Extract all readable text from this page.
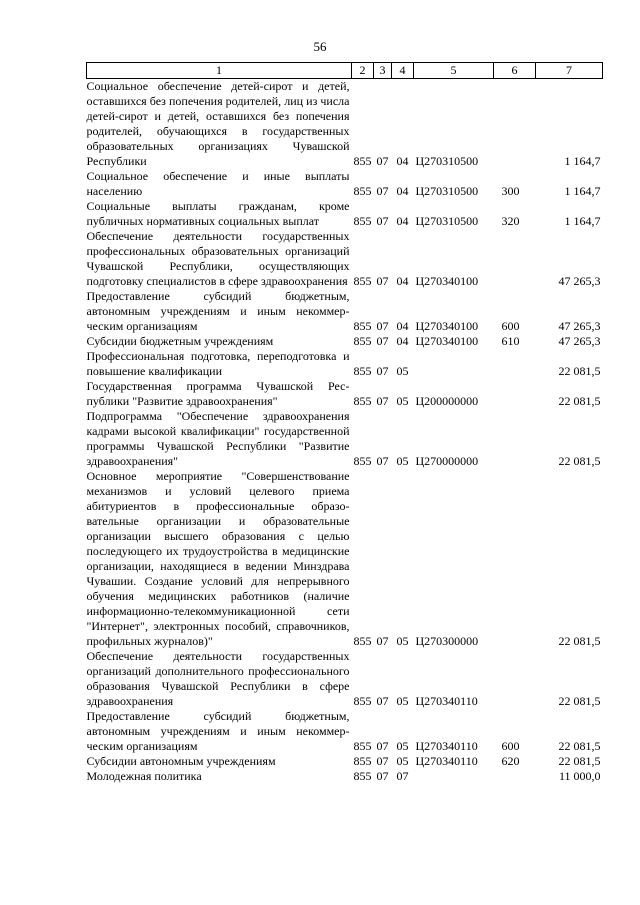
56
1	2	3	4	5	6	7
Социальное обеспечение детей-сирот и детей, оставшихся без попечения родителей, лиц из числа детей-сирот и детей, оставшихся без попечения родителей, обучающихся в государственных образовательных организациях Чувашской Республики	855	07	04	Ц270310500		1 164,7
Социальное обеспечение и иные выплаты населению	855	07	04	Ц270310500	300	1 164,7
Социальные выплаты гражданам, кроме публичных нормативных социальных выплат	855	07	04	Ц270310500	320	1 164,7
Обеспечение деятельности государственных профессиональных образовательных организаций Чувашской Республики, осуществляющих подготовку специалистов в сфере здравоохранения	855	07	04	Ц270340100		47 265,3
Предоставление субсидий бюджетным, автономным учреждениям и иным некоммерческим организациям	855	07	04	Ц270340100	600	47 265,3
Субсидии бюджетным учреждениям	855	07	04	Ц270340100	610	47 265,3
Профессиональная подготовка, переподготовка и повышение квалификации	855	07	05			22 081,5
Государственная программа Чувашской Республики "Развитие здравоохранения"	855	07	05	Ц200000000		22 081,5
Подпрограмма "Обеспечение здравоохранения кадрами высокой квалификации" государственной программы Чувашской Республики "Развитие здравоохранения"	855	07	05	Ц270000000		22 081,5
Основное мероприятие "Совершенствование механизмов и условий целевого приема абитуриентов в профессиональные образовательные организации и образовательные организации высшего образования с целью последующего их трудоустройства в медицинские организации, находящиеся в ведении Минздрава Чувашии. Создание условий для непрерывного обучения медицинских работников (наличие информационно-телекоммуникационной сети "Интернет", электронных пособий, справочников, профильных журналов)"	855	07	05	Ц270300000		22 081,5
Обеспечение деятельности государственных организаций дополнительного профессионального образования Чувашской Республики в сфере здравоохранения	855	07	05	Ц270340110		22 081,5
Предоставление субсидий бюджетным, автономным учреждениям и иным некоммерческим организациям	855	07	05	Ц270340110	600	22 081,5
Субсидии автономным учреждениям	855	07	05	Ц270340110	620	22 081,5
Молодежная политика	855	07	07			11 000,0
